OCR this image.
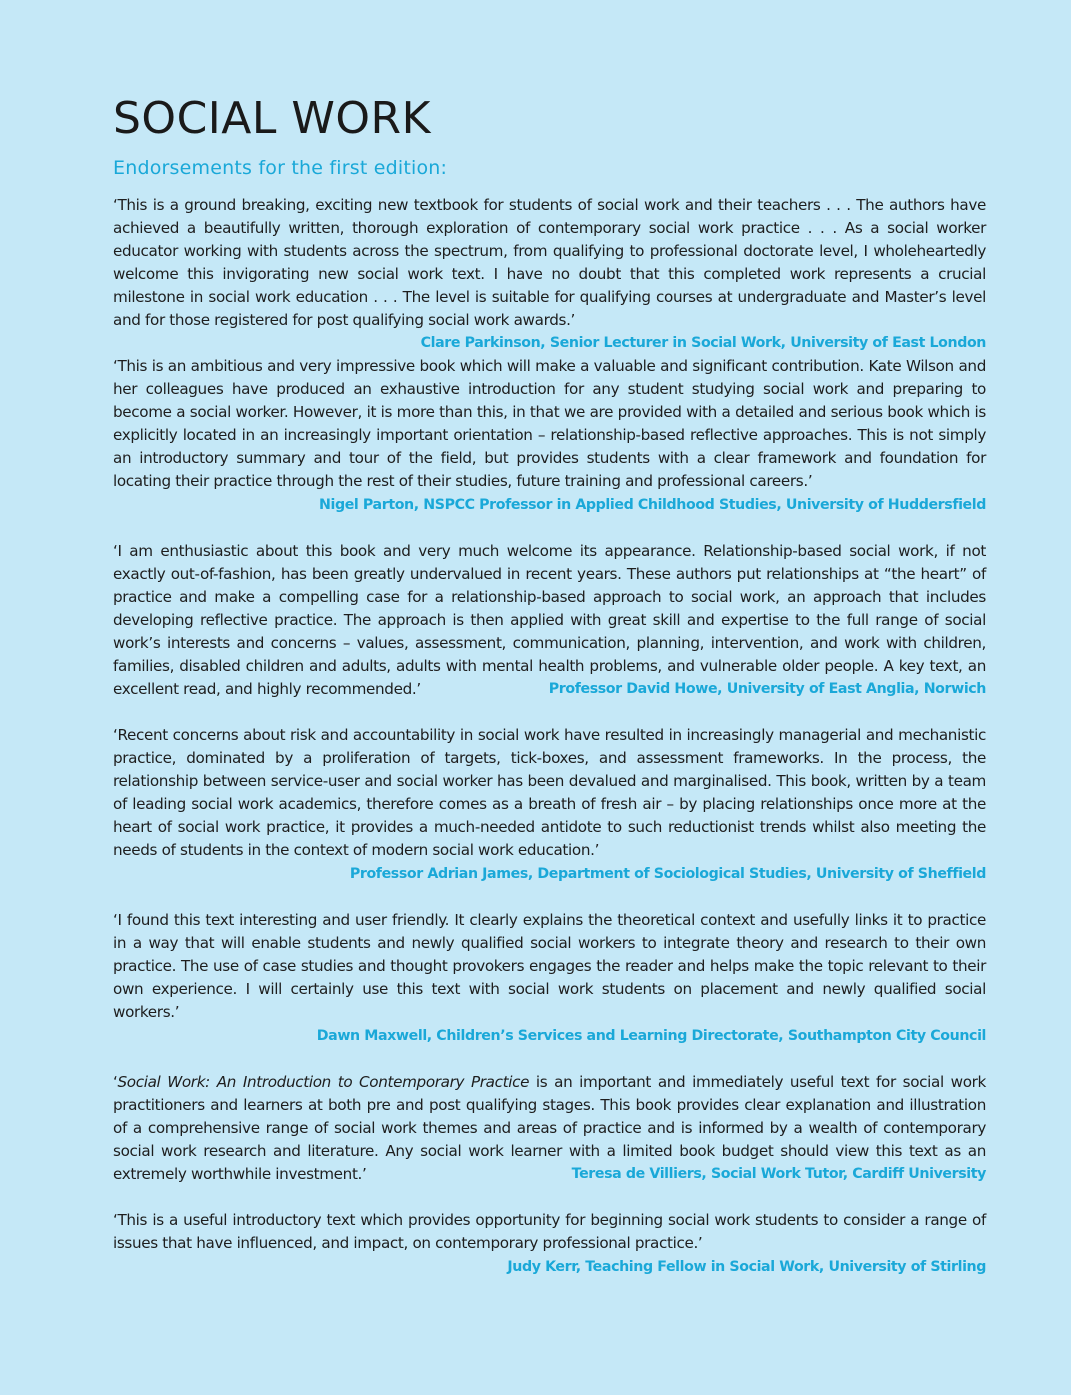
SOCIAL WORK
Endorsements for the first edition:

‘This is a ground breaking, exciting new textbook for students of social work and their teachers . . . The authors have achieved a beautifully written, thorough exploration of contemporary social work practice . . . As a social worker educator working with students across the spectrum, from qualifying to professional doctorate level, I wholeheartedly welcome this invigorating new social work text. I have no doubt that this completed work represents a crucial milestone in social work education . . . The level is suitable for qualifying courses at undergraduate and Master’s level and for those registered for post qualifying social work awards.’
Clare Parkinson, Senior Lecturer in Social Work, University of East London

‘This is an ambitious and very impressive book which will make a valuable and significant contribution. Kate Wilson and her colleagues have produced an exhaustive introduction for any student studying social work and preparing to become a social worker. However, it is more than this, in that we are provided with a detailed and serious book which is explicitly located in an increasingly important orientation – relationship-based reflective approaches. This is not simply an introductory summary and tour of the field, but provides students with a clear framework and foundation for locating their practice through the rest of their studies, future training and professional careers.’
Nigel Parton, NSPCC Professor in Applied Childhood Studies, University of Huddersfield

‘I am enthusiastic about this book and very much welcome its appearance. Relationship-based social work, if not exactly out-of-fashion, has been greatly undervalued in recent years. These authors put relationships at “the heart” of practice and make a compelling case for a relationship-based approach to social work, an approach that includes developing reflective practice. The approach is then applied with great skill and expertise to the full range of social work’s interests and concerns – values, assessment, communication, planning, intervention, and work with children, families, disabled children and adults, adults with mental health problems, and vulnerable older people. A key text, an excellent read, and highly recommended.’	Professor David Howe, University of East Anglia, Norwich

‘Recent concerns about risk and accountability in social work have resulted in increasingly managerial and mechanistic practice, dominated by a proliferation of targets, tick-boxes, and assessment frameworks. In the process, the relationship between service-user and social worker has been devalued and marginalised. This book, written by a team of leading social work academics, therefore comes as a breath of fresh air – by placing relationships once more at the heart of social work practice, it provides a much-needed antidote to such reductionist trends whilst also meeting the needs of students in the context of modern social work education.’
Professor Adrian James, Department of Sociological Studies, University of Sheffield

‘I found this text interesting and user friendly. It clearly explains the theoretical context and usefully links it to practice in a way that will enable students and newly qualified social workers to integrate theory and research to their own practice. The use of case studies and thought provokers engages the reader and helps make the topic relevant to their own experience. I will certainly use this text with social work students on placement and newly qualified social workers.’
Dawn Maxwell, Children’s Services and Learning Directorate, Southampton City Council

‘Social Work: An Introduction to Contemporary Practice is an important and immediately useful text for social work practitioners and learners at both pre and post qualifying stages. This book provides clear explanation and illustration of a comprehensive range of social work themes and areas of practice and is informed by a wealth of contemporary social work research and literature. Any social work learner with a limited book budget should view this text as an extremely worthwhile investment.’	Teresa de Villiers, Social Work Tutor, Cardiff University

‘This is a useful introductory text which provides opportunity for beginning social work students to consider a range of issues that have influenced, and impact, on contemporary professional practice.’
Judy Kerr, Teaching Fellow in Social Work, University of Stirling
